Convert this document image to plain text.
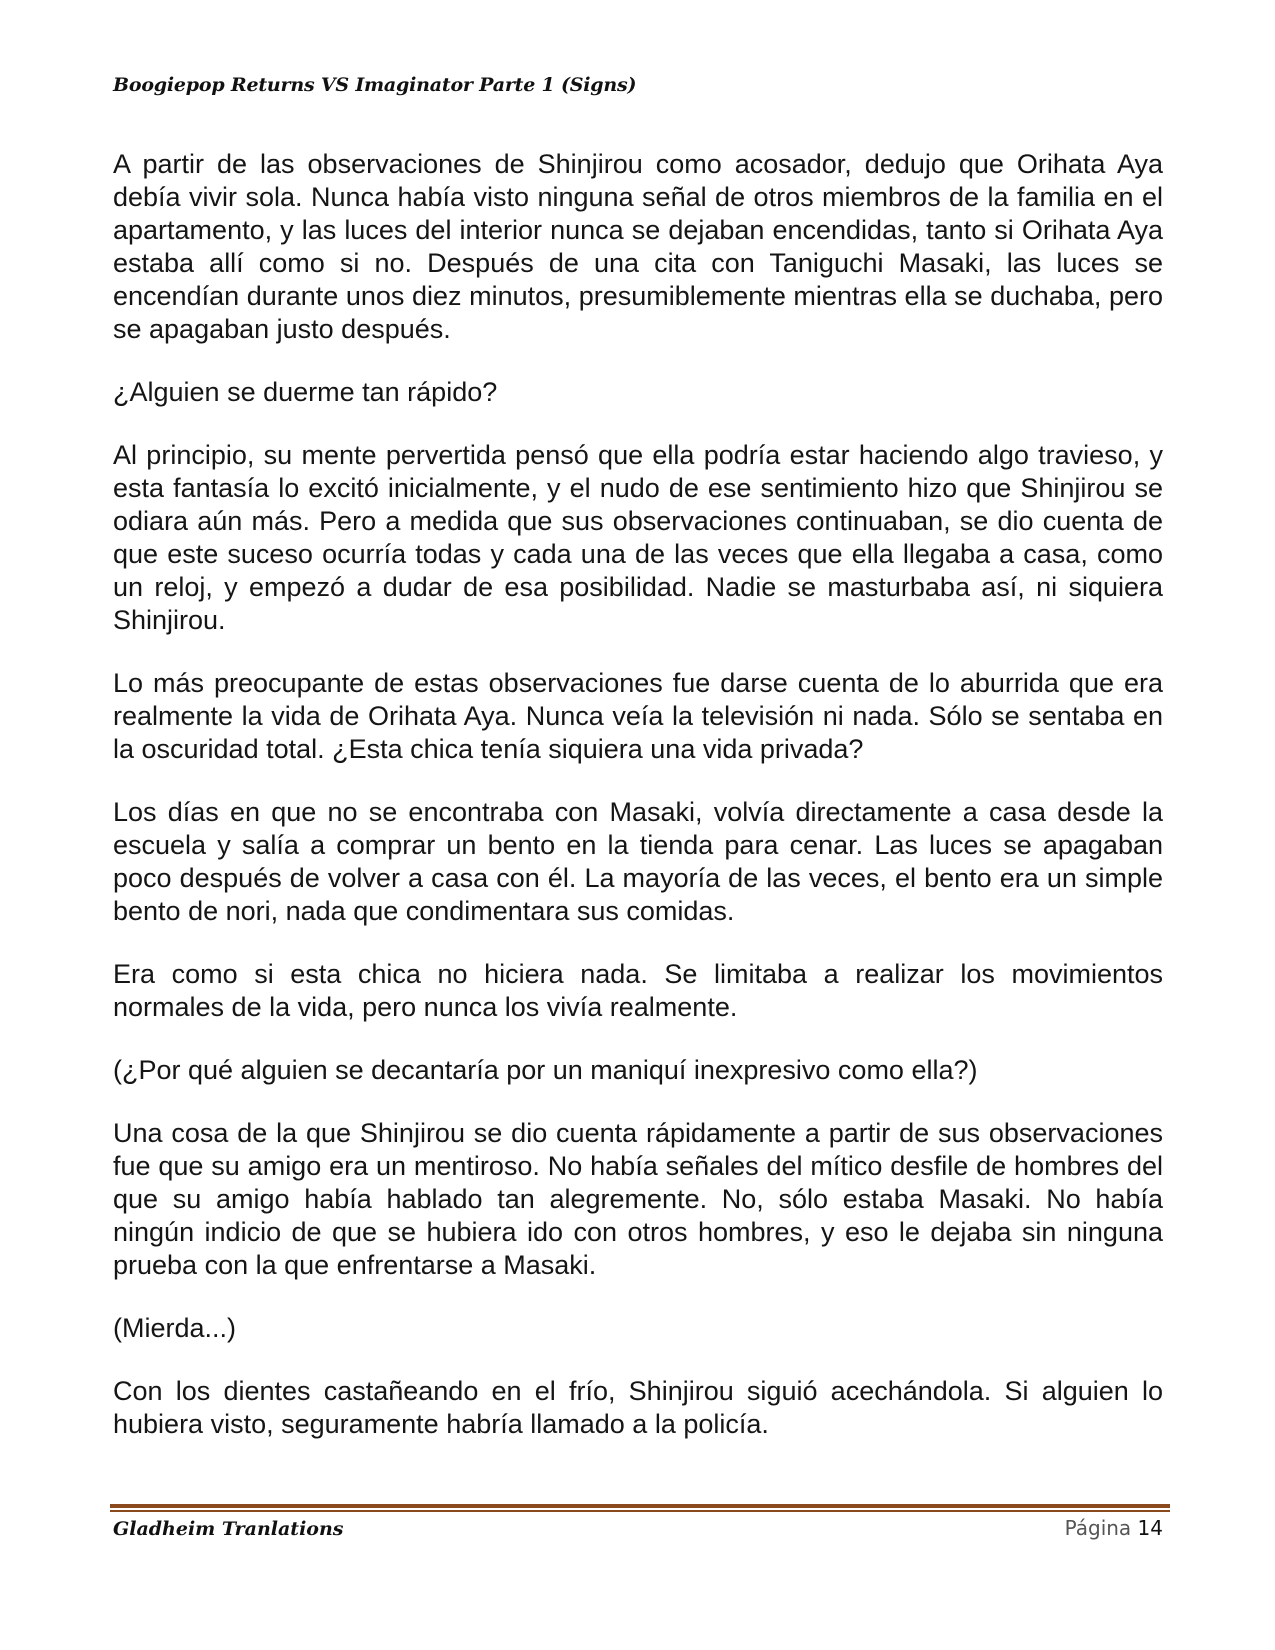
Boogiepop Returns VS Imaginator Parte 1 (Signs)

A partir de las observaciones de Shinjirou como acosador, dedujo que Orihata Aya debía vivir sola. Nunca había visto ninguna señal de otros miembros de la familia en el apartamento, y las luces del interior nunca se dejaban encendidas, tanto si Orihata Aya estaba allí como si no. Después de una cita con Taniguchi Masaki, las luces se encendían durante unos diez minutos, presumiblemente mientras ella se duchaba, pero se apagaban justo después.

¿Alguien se duerme tan rápido?

Al principio, su mente pervertida pensó que ella podría estar haciendo algo travieso, y esta fantasía lo excitó inicialmente, y el nudo de ese sentimiento hizo que Shinjirou se odiara aún más. Pero a medida que sus observaciones continuaban, se dio cuenta de que este suceso ocurría todas y cada una de las veces que ella llegaba a casa, como un reloj, y empezó a dudar de esa posibilidad. Nadie se masturbaba así, ni siquiera Shinjirou.

Lo más preocupante de estas observaciones fue darse cuenta de lo aburrida que era realmente la vida de Orihata Aya. Nunca veía la televisión ni nada. Sólo se sentaba en la oscuridad total. ¿Esta chica tenía siquiera una vida privada?

Los días en que no se encontraba con Masaki, volvía directamente a casa desde la escuela y salía a comprar un bento en la tienda para cenar. Las luces se apagaban poco después de volver a casa con él. La mayoría de las veces, el bento era un simple bento de nori, nada que condimentara sus comidas.

Era como si esta chica no hiciera nada. Se limitaba a realizar los movimientos normales de la vida, pero nunca los vivía realmente.

(¿Por qué alguien se decantaría por un maniquí inexpresivo como ella?)

Una cosa de la que Shinjirou se dio cuenta rápidamente a partir de sus observaciones fue que su amigo era un mentiroso. No había señales del mítico desfile de hombres del que su amigo había hablado tan alegremente. No, sólo estaba Masaki. No había ningún indicio de que se hubiera ido con otros hombres, y eso le dejaba sin ninguna prueba con la que enfrentarse a Masaki.

(Mierda...)

Con los dientes castañeando en el frío, Shinjirou siguió acechándola. Si alguien lo hubiera visto, seguramente habría llamado a la policía.

Gladheim Tranlations	Página 14
